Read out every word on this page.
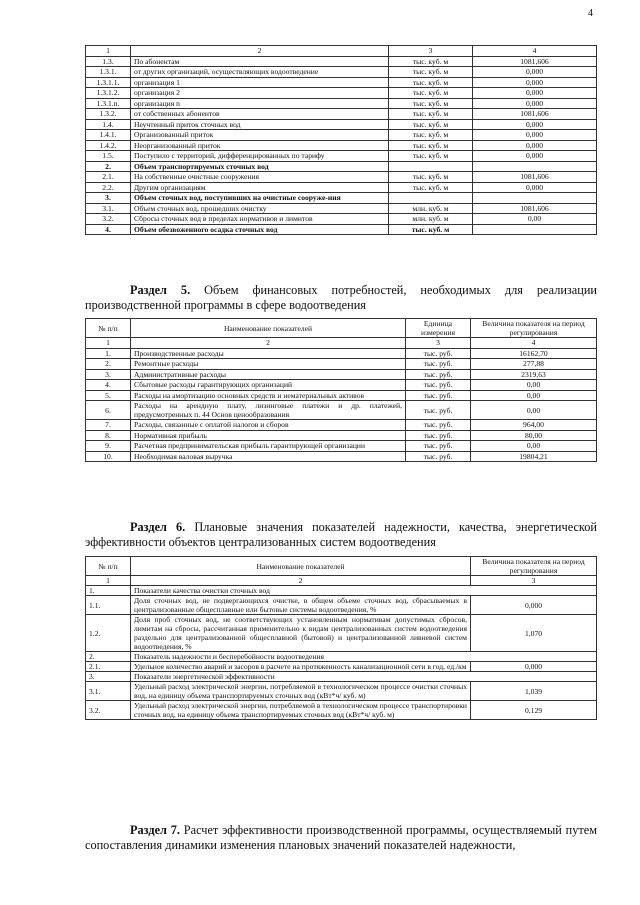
4
1	2	3	4
1.3.	По абонентам	тыс. куб. м	1081,606
1.3.1.	от других организаций, осуществляющих водоотведение	тыс. куб. м	0,000
1.3.1.1.	организация 1	тыс. куб. м	0,000
1.3.1.2.	организация 2	тыс. куб. м	0,000
1.3.1.n.	организация n	тыс. куб. м	0,000
1.3.2.	от собственных абонентов	тыс. куб. м	1081,606
1.4.	Неучтенный приток сточных вод	тыс. куб. м	0,000
1.4.1.	Организованный приток	тыс. куб. м	0,000
1.4.2.	Неорганизованный приток	тыс. куб. м	0,000
1.5.	Поступило с территорий, дифференцированных по тарифу	тыс. куб. м	0,000
2.	Объем транспортируемых сточных вод		
2.1.	На собственные очистные сооружения	тыс. куб. м	1081,606
2.2.	Другим организациям	тыс. куб. м	0,000
3.	Объем сточных вод, поступивших на очистные сооруже-ния		
3.1.	Объем сточных вод, прошедших очистку	млн. куб. м	1081,606
3.2.	Сбросы сточных вод в пределах нормативов и лимитов	млн. куб. м	0,00
4.	Объем обезвоженного осадка сточных вод	тыс. куб. м	
Раздел 5. Объем финансовых потребностей, необходимых для реализации производственной программы в сфере водоотведения
№ п/п	Наименование показателей	Единица измерения	Величина показателя на период регулирования
1	2	3	4
1.	Производственные расходы	тыс. руб.	16162,70
2.	Ремонтные расходы	тыс. руб.	277,88
3.	Административные расходы	тыс. руб.	2319,63
4.	Сбытовые расходы гарантирующих организаций	тыс. руб.	0,00
5.	Расходы на амортизацию основных средств и нематериальных активов	тыс. руб.	0,00
6.	Расходы на арендную плату, лизинговые платежи и др. платежей, предусмотренных п. 44 Основ ценообразования	тыс. руб.	0,00
7.	Расходы, связанные с оплатой налогов и сборов	тыс. руб.	964,00
8.	Нормативная прибыль	тыс. руб.	80,00
9.	Расчетная предпринимательская прибыль гарантирующей организации	тыс. руб.	0,00
10.	Необходимая валовая выручка	тыс. руб.	19804,21
Раздел 6. Плановые значения показателей надежности, качества, энергетической эффективности объектов централизованных систем водоотведения
№ п/п	Наименование показателей	Величина показателя на период регулирования
1	2	3
1.	Показатели качества очистки сточных вод	
1.1.	Доля сточных вод, не подвергающихся очистке, в общем объеме сточных вод, сбрасываемых в централизованные общесплавные или бытовые системы водоотведения, %	0,000
1.2.	Доля проб сточных вод, не соответствующих установленным нормативам допустимых сбросов, лимитам на сбросы, рассчитанная применительно к видам централизованных систем водоотведения раздельно для централизованной общесплавной (бытовой) и централизованной ливневой систем водоотведения, %	1,070
2.	Показатель надежности и бесперебойности водоотведения	
2.1.	Удельное количество аварий и засоров в расчете на протяженность канализационной сети в год, ед./км	0,000
3.	Показатели энергетической эффективности	
3.1.	Удельный расход электрической энергии, потребляемой в технологическом процессе очистки сточных вод, на единицу объема транспортируемых сточных вод (кВт*ч/ куб. м)	1,039
3.2.	Удельный расход электрической энергии, потребляемой в технологическом процессе транспортировки сточных вод, на единицу объема транспортируемых сточных вод (кВт*ч/ куб. м)	0,129
Раздел 7. Расчет эффективности производственной программы, осуществляемый путем сопоставления динамики изменения плановых значений показателей надежности,
